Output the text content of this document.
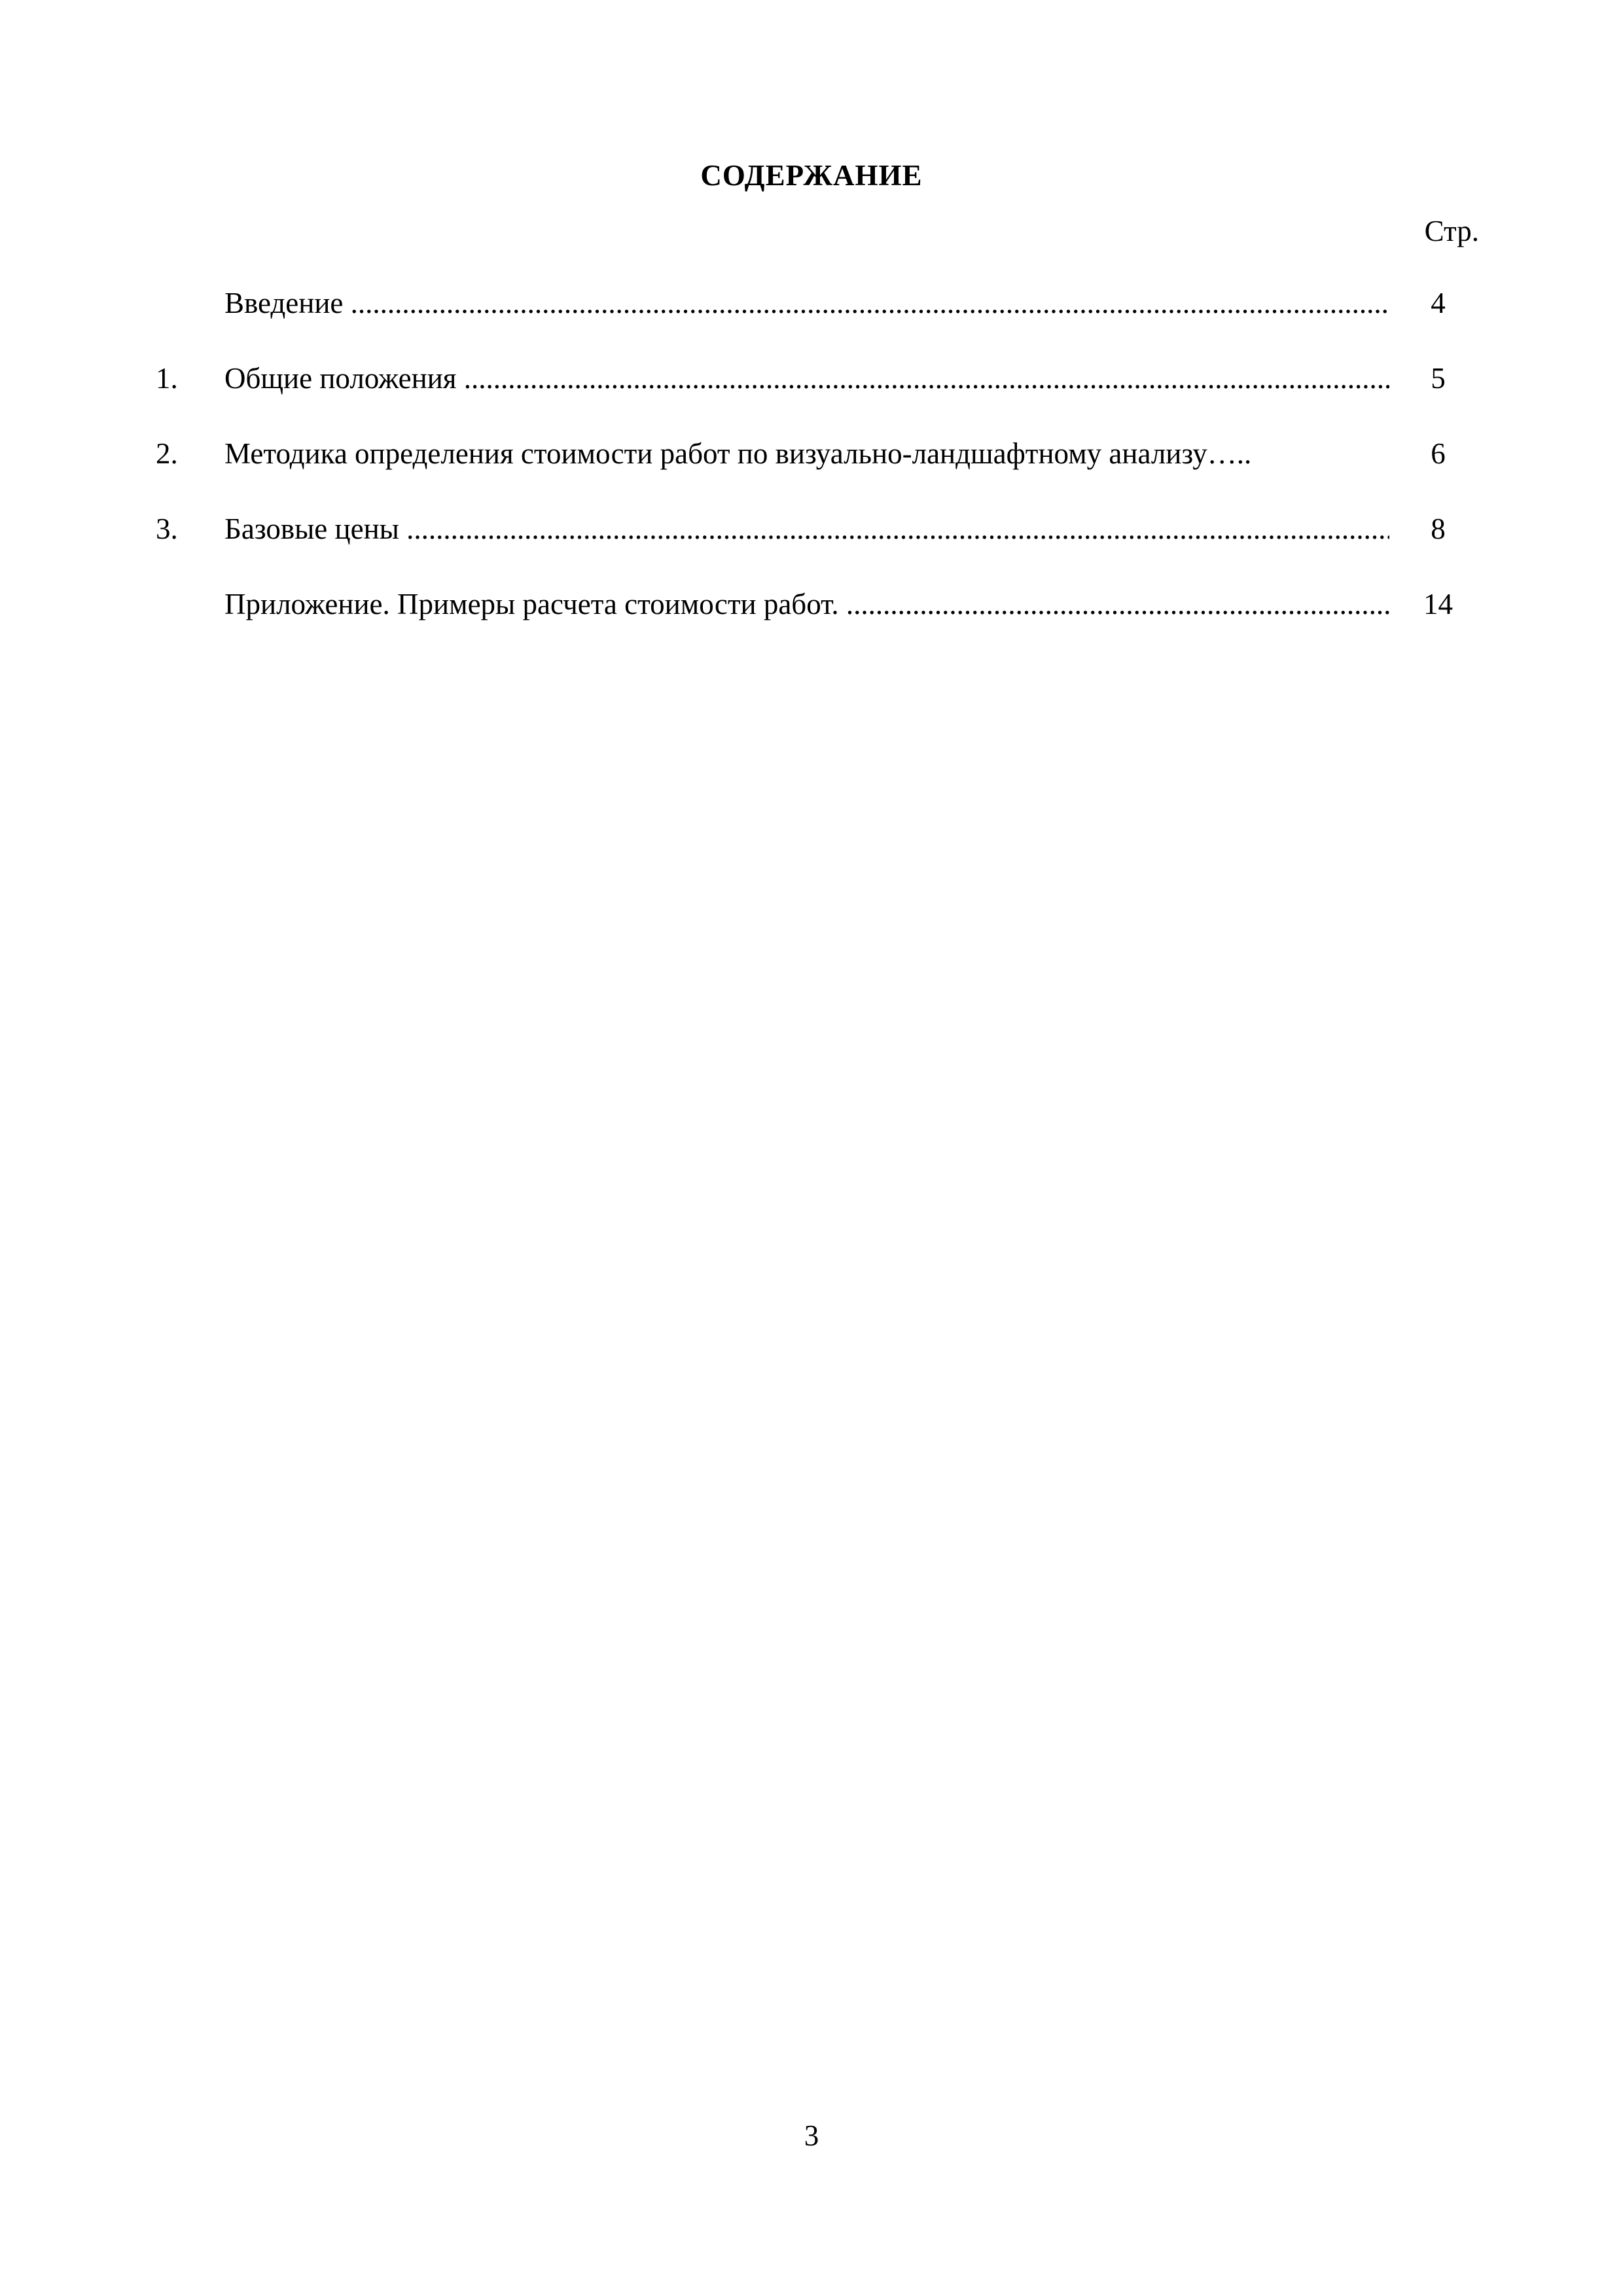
СОДЕРЖАНИЕ
Стр.
Введение .....	4
1.	Общие положения .....	5
2.	Методика определения стоимости работ по визуально-ландшафтному анализу…..	6
3.	Базовые цены .....	8
Приложение. Примеры расчета стоимости работ. .....	14
3
